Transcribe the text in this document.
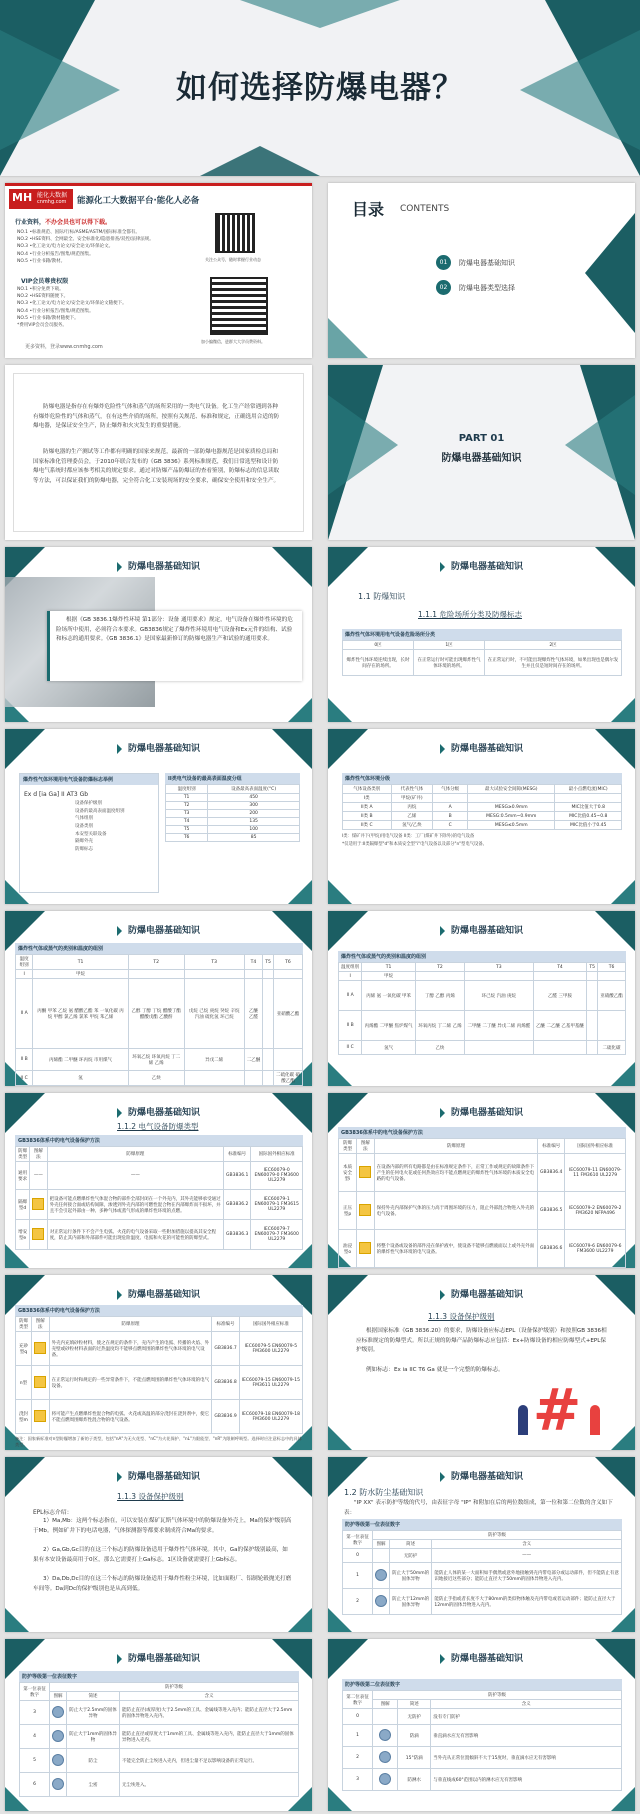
如何选择防爆电器？
MH 能化大数据
cnmhg.com 能源化工大数据平台·能化人必备
行业资料，不办会员也可以得下载。
NO.1 •标准规范、国际/行标/ASME/ASTM/国际标准全都有。
NO.2 •HSE资料、全网最全、安全标准化/隐患排查/双控/法律法规。
NO.3 •化工论文/电力论文/安全论文/环保论文。
NO.4 •行业分析报告/图集/规范图集。
NO.5 •行业书籍/教材。
VIP会员尊贵权限
NO.1 •积分免费下载。
NO.2 •HSE资料随便下。
NO.3 •化工论文/电力论文/安全论文/环保论文随便下。
NO.4 •行业分析报告/图集/规范图集。
NO.5 •行业书籍/教材随便下。
*费用VIP会员会员服务。
更多资料，登录www.cnmhg.com
关注公众号，随时掌握行业动态
加小编微信，进群大大学员费资料。
目录 CONTENTS
01	防爆电器基础知识
02	防爆电器类型选择
防爆电器是指存在有爆炸危险性气体和蒸气的场所采用的一类电气设备。化工生产经常遇到各种有爆炸危险性的气体和蒸气，在有这些介质的场所，按照有关规范、标准和规定，正确选用合适的防爆电器，是保证安全生产，防止爆炸和火灾发生的重要措施。
防爆电器的生产测试等工作都有明确的国家来规范，最新的一部防爆电器规范是国家质检总局和国家标准化管理委员会，于2010年联合发布的《GB 3836》系列标准规范，我们日常选型和设计防爆电气系统时都应该参考相关的规定要求。通过对防爆产品防爆证的查看鉴别，防爆标志的信息读取等方法，可以保证我们的防爆电器，完全符合化工安装现场的安全要求，确保安全使用和安全生产。
PART 01
防爆电器基础知识
防爆电器基础知识
根据《GB 3836.1爆炸性环境 第1部分：设备 通用要求》规定，电气设备在爆炸性环境的危险场所中使用，必须符合本要求。GB3836规定了爆炸性环境用电气设备和Ex元件的结构、试验和标志的通用要求。《GB 3836.1》是国家最新修订的防爆电器生产和试验的通用要求。
防爆电器基础知识
1.1 防爆知识
1.1.1 危险场所分类及防爆标志
爆炸性气体环境用电气设备危险场所分类
0区	1区	2区
爆炸性气体环境连续出现，长时间存在的场所。	在正常运行时可能出现爆炸性气体环境的场所。	在正常运行时，不可能出现爆炸性气体环境，如果出现也是偶尔发生并且仅是短时间存在的场所。
防爆电器基础知识
爆炸性气体环境用电气设备防爆标志举例
Ex d [ia Ga] II AT3 Gb
设备保护级别
设备的最高表面温度组别
气体组别
设备类别
本安型关联设备
隔爆外壳
防爆标志
II类电气设备的最高表面温度分组
温度组别	设备最高表面温度(°C)
T1	450
T2	300
T3	200
T4	135
T5	100
T6	85
防爆电器基础知识
爆炸性气体环境分级
气体设备类别	代表性气体	气体分级	最大试验安全间隙(MESG)	最小点燃电流(MIC)
I类	甲烷(矿井)			
II类 A	丙烷	A	MESG≥0.9mm	MIC比值大于0.8
II类 B	乙烯	B	MESG:0.5mm~0.9mm	MIC比值0.45~0.8
II类 C	氢气/乙炔	C	MESG≤0.5mm	MIC比值小于0.45
I类：煤矿井下(甲烷)用电气设备 II类：工厂(煤矿井下除外)的电气设备
*仅适用于:II类隔爆型"d"和本质安全型"i"电气设备以及部分"n"型电气设备。
防爆电器基础知识
爆炸性气体或蒸气的类别和温度的组别
温度组别	T1	T2	T3	T4	T5	T6
I	甲烷					
II A	丙酮 甲苯 乙烷 氨 醋酸乙酯 苯 一氧化碳 丙烷 甲醇 氯乙烯 氯苯 甲烷 苯乙烯	乙醇 丁醇 丁烷 醋酸丁酯 醋酸戊酯 乙酸酐	戊烷 己烷 庚烷 癸烷 辛烷 汽油 硫化氢 环己烷	乙醚 乙醛		亚硝酸乙酯
II B	丙烯酯 二甲醚 环丙烷 市用煤气	环氧乙烷 环氧丙烷 丁二烯 乙烯	异戊二烯	二乙醚		
II C	氢	乙炔				二硫化碳 硝酸乙酯
防爆电器基础知识
爆炸性气体或蒸气的类别和温度的组别
温度组别	T1	T2	T3	T4	T5	T6
I	甲烷					
II A	丙烯 氨 一氧化碳 甲苯	丁醇 乙醇 丙烯	环己烷 汽油 庚烷	乙醛 三甲胺		亚硝酸乙酯
II B	丙烯酯 二甲醚 焦炉煤气	环氧丙烷 丁二烯 乙烯	二甲醚 二丁醚 异戊二烯 丙烯醛	乙醚 二乙醚 乙基甲基醚		
II C	氢气	乙炔				二硫化碳
防爆电器基础知识
1.1.2 电气设备防爆类型
GB3836体系中的电气设备保护方法
防爆类型	图解法	防爆原理	标准编号	国际国外相应标准
通用要求	——	——	GB3836.1	IEC60079-0 EN60079-0 FM3600 UL2279
隔爆型d		把设备可能点燃爆炸性气体混合物的部件全部封闭在一个外壳内，其外壳能够承受通过外壳任何接合面或结构间隙，渗透到外壳内部的可燃性混合物在内部爆炸而不损坏，并且不会引起外部由一种、多种气体或蒸气形成的爆炸性环境的点燃。	GB3836.2	IEC60079-1 EN60079-1 FM3615 UL2279
增安型e		对正常运行条件下不会产生电弧、火花的电气设备采取一些附加措施以提高其安全程度，防止其内部和外部部件可能出现危险温度、电弧和火花的可能性的防爆型式。	GB3836.3	IEC60079-7 EN60079-7 FM3600 UL2279
防爆电器基础知识
GB3836体系中的电气设备保护方法
防爆类型	图解法	防爆原理	标准编号	国际国外相应标准
本质安全型i		在设备内部的所有电路都是由在标准规定条件下，正常工作或规定的故障条件下产生的任何电火花或任何热效应均不能点燃规定的爆炸性气体环境的本质安全电路的电气设备。	GB3836.4	IEC60079-11 EN60079-11 FM3610 UL2279
正压型p		保持外壳内部保护气体的压力高于周围环境的压力，阻止外部混合物进入外壳的电气设备。	GB3836.5	IEC60079-2 EN60079-2 FM3620 NFPA496
油浸型o		将整个设备或设备的部件浸在保护液中，使设备不能够点燃液面以上或外壳外面的爆炸性气体环境的电气设备。	GB3836.6	IEC60079-6 EN60079-6 FM3600 UL2279
防爆电器基础知识
GB3836体系中的电气设备保护方法
防爆类型	图解法	防爆原理	标准编号	国际国外相应标准
充砂型q		外壳内充填砂粒材料，使之在规定的条件下，壳内产生的电弧、传播的火焰、外壳壁或砂粒材料表面的过热温度均不能够点燃周围的爆炸性气体环境的电气设备。	GB3836.7	IEC60079-5 EN60079-5 FM3600 UL2279
n型		在正常运行时和规定的一些异常条件下，不能点燃周围的爆炸性气体环境的电气设备。	GB3836.8	IEC60079-15 EN60079-15 FM3611 UL2279
浇封型m		将可能产生点燃爆炸性混合物的电弧、火花或高温的部分浇封在浇封剂中，使它不能点燃周围爆炸性混合物的电气设备。	GB3836.9	IEC60079-18 EN60079-18 FM3600 UL2279
备注：国家新标准对n型防爆增加了新的子类型，包括"nA"为无火花型、"nC"为火花保护、"nL"为限能型、"nR"为限制呼吸型。选择时应注意标志中的具体类型。
防爆电器基础知识
1.1.3 设备保护级别
根据国家标准《GB 3836.20》的要求，防爆设备应标志EPL（设备保护级别）和按照GB 3836相应标准规定的防爆型式。所以正规的防爆产品防爆标志应包括：Ex+防爆设备的相应防爆型式+EPL保护级别。
例如标志：Ex ia IIC T6 Ga 就是一个完整的防爆标志。
#
防爆电器基础知识
1.1.3 设备保护级别
EPL标志介绍：
1）Ma,Mb：这两个标志指在，可以安装在煤矿瓦斯气体环境中的防爆设备外壳上，Ma的保护级别高于Mb。例如矿井下的电话电器，气体探测器等都要求制成符合Ma的要求。
2）Ga,Gb,Gc目的在这三个标志的防爆设备适用于爆炸性气体环境。其中，Ga的保护级别最高，如果有本安设备最高用于0区，那么它需要打上Ga标志。1区设备就需要打上Gb标志。
3）Da,Db,Dc目的在这三个标志的防爆设备适用于爆炸性粉尘环境，比如面粉厂、铝制轮毂抛光打磨车间等。Da到Dc的保护级别也是从高到低。
防爆电器基础知识
1.2 防水防尘基础知识
"IP XX" 表示防护等级的代号，由表征字母 "IP" 和附加在后的两位数组成，第一位和第二位数的含义如下表：
防护等级第一位表征数字
第一位表征数字	防护等级		
	图解	简述	含义
0		无防护	——
1		防止大于50mm的固体异物	能防止人体的某一大面积如手偶然或意外地接触到壳内带电部分或运动部件，但不能防止有意识地接近这些部分；能防止直径大于50mm的固体异物进入壳内。
2		防止大于12mm的固体异物	能防止手指或者长度不大于80mm的类似物体触及壳内带电或者运动部件；能防止直径大于12mm的固体异物进入壳内。
防爆电器基础知识
防护等级第一位表征数字
第一位表征数字	防护等级		
	图解	简述	含义
3		防止大于2.5mm的固体异物	能防止直径(或厚度)大于2.5mm的工具、金属线等进入壳内；能防止直径大于2.5mm的固体异物进入壳内。
4		防止大于1mm的固体异物	能防止直径或厚度大于1mm的工具、金属线等进入壳内，能防止直径大于1mm的固体异物进入壳内。
5		防尘	不能完全防止尘埃进入壳内，但进尘量不足以影响设备的正常运行。
6		尘密	无尘埃进入。
防爆电器基础知识
防护等级第二位表征数字
第二位表征数字	防护等级		
	图解	简述	含义
0		无防护	没有专门防护
1		防滴	垂直滴水应无有害影响
2		15°防滴	当外壳从正常位置倾斜不大于15度时，垂直滴水应无有害影响
3		防淋水	与垂直线成60°范围以内的淋水应无有害影响
